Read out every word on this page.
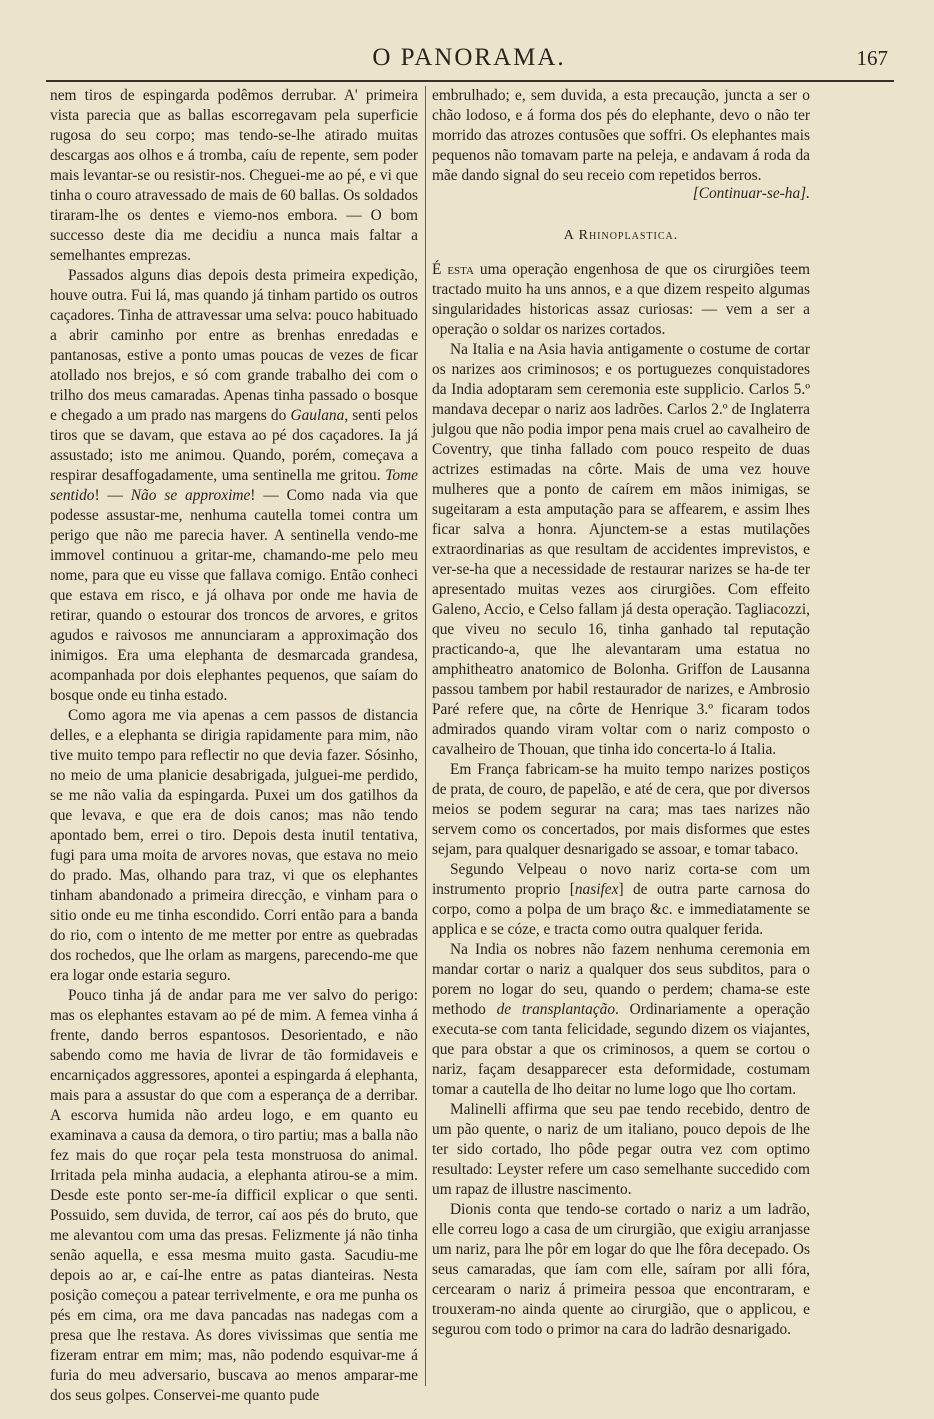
O PANORAMA.	167

nem tiros de espingarda podêmos derrubar. A' primeira vista parecia que as ballas escorregavam pela superficie rugosa do seu corpo; mas tendo-se-lhe atirado muitas descargas aos olhos e á tromba, caíu de repente, sem poder mais levantar-se ou resistir-nos. Cheguei-me ao pé, e vi que tinha o couro atravessado de mais de 60 ballas. Os soldados tiraram-lhe os dentes e viemo-nos embora. — O bom successo deste dia me decidiu a nunca mais faltar a semelhantes emprezas.

Passados alguns dias depois desta primeira expedição, houve outra. Fui lá, mas quando já tinham partido os outros caçadores. Tinha de attravessar uma selva: pouco habituado a abrir caminho por entre as brenhas enredadas e pantanosas, estive a ponto umas poucas de vezes de ficar atollado nos brejos, e só com grande trabalho dei com o trilho dos meus camaradas. Apenas tinha passado o bosque e chegado a um prado nas margens do Gaulana, senti pelos tiros que se davam, que estava ao pé dos caçadores. Ia já assustado; isto me animou. Quando, porém, começava a respirar desaffogadamente, uma sentinella me gritou. Tome sentido! — Não se approxime! — Como nada via que podesse assustar-me, nenhuma cautella tomei contra um perigo que não me parecia haver. A sentinella vendo-me immovel continuou a gritar-me, chamando-me pelo meu nome, para que eu visse que fallava comigo. Então conheci que estava em risco, e já olhava por onde me havia de retirar, quando o estourar dos troncos de arvores, e gritos agudos e raivosos me annunciaram a approximação dos inimigos. Era uma elephanta de desmarcada grandesa, acompanhada por dois elephantes pequenos, que saíam do bosque onde eu tinha estado.

Como agora me via apenas a cem passos de distancia delles, e a elephanta se dirigia rapidamente para mim, não tive muito tempo para reflectir no que devia fazer. Sósinho, no meio de uma planicie desabrigada, julguei-me perdido, se me não valia da espingarda. Puxei um dos gatilhos da que levava, e que era de dois canos; mas não tendo apontado bem, errei o tiro. Depois desta inutil tentativa, fugi para uma moita de arvores novas, que estava no meio do prado. Mas, olhando para traz, vi que os elephantes tinham abandonado a primeira direcção, e vinham para o sitio onde eu me tinha escondido. Corri então para a banda do rio, com o intento de me metter por entre as quebradas dos rochedos, que lhe orlam as margens, parecendo-me que era logar onde estaria seguro.

Pouco tinha já de andar para me ver salvo do perigo: mas os elephantes estavam ao pé de mim. A femea vinha á frente, dando berros espantosos. Desorientado, e não sabendo como me havia de livrar de tão formidaveis e encarniçados aggressores, apontei a espingarda á elephanta, mais para a assustar do que com a esperança de a derribar. A escorva humida não ardeu logo, e em quanto eu examinava a causa da demora, o tiro partiu; mas a balla não fez mais do que roçar pela testa monstruosa do animal. Irritada pela minha audacia, a elephanta atirou-se a mim. Desde este ponto ser-me-ía difficil explicar o que senti. Possuido, sem duvida, de terror, caí aos pés do bruto, que me alevantou com uma das presas. Felizmente já não tinha senão aquella, e essa mesma muito gasta. Sacudiu-me depois ao ar, e caí-lhe entre as patas dianteiras. Nesta posição começou a patear terrivelmente, e ora me punha os pés em cima, ora me dava pancadas nas nadegas com a presa que lhe restava. As dores vivissimas que sentia me fizeram entrar em mim; mas, não podendo esquivar-me á furia do meu adversario, buscava ao menos amparar-me dos seus golpes. Conservei-me quanto pude

embrulhado; e, sem duvida, a esta precaução, juncta a ser o chão lodoso, e á forma dos pés do elephante, devo o não ter morrido das atrozes contusões que soffri. Os elephantes mais pequenos não tomavam parte na peleja, e andavam á roda da mãe dando signal do seu receio com repetidos berros.

[Continuar-se-ha].
A Rhinoplastica.

É esta uma operação engenhosa de que os cirurgiões teem tractado muito ha uns annos, e a que dizem respeito algumas singularidades historicas assaz curiosas: — vem a ser a operação o soldar os narizes cortados.

Na Italia e na Asia havia antigamente o costume de cortar os narizes aos criminosos; e os portuguezes conquistadores da India adoptaram sem ceremonia este supplicio. Carlos 5.º mandava decepar o nariz aos ladrões. Carlos 2.º de Inglaterra julgou que não podia impor pena mais cruel ao cavalheiro de Coventry, que tinha fallado com pouco respeito de duas actrizes estimadas na côrte. Mais de uma vez houve mulheres que a ponto de caírem em mãos inimigas, se sugeitaram a esta amputação para se affearem, e assim lhes ficar salva a honra. Ajunctem-se a estas mutilações extraordinarias as que resultam de accidentes imprevistos, e ver-se-ha que a necessidade de restaurar narizes se ha-de ter apresentado muitas vezes aos cirurgiões. Com effeito Galeno, Accio, e Celso fallam já desta operação. Tagliacozzi, que viveu no seculo 16, tinha ganhado tal reputação practicando-a, que lhe alevantaram uma estatua no amphitheatro anatomico de Bolonha. Griffon de Lausanna passou tambem por habil restaurador de narizes, e Ambrosio Paré refere que, na côrte de Henrique 3.º ficaram todos admirados quando viram voltar com o nariz composto o cavalheiro de Thouan, que tinha ido concerta-lo á Italia.

Em França fabricam-se ha muito tempo narizes postiços de prata, de couro, de papelão, e até de cera, que por diversos meios se podem segurar na cara; mas taes narizes não servem como os concertados, por mais disformes que estes sejam, para qualquer desnarigado se assoar, e tomar tabaco.

Segundo Velpeau o novo nariz corta-se com um instrumento proprio [nasifex] de outra parte carnosa do corpo, como a polpa de um braço &c. e immediatamente se applica e se cóze, e tracta como outra qualquer ferida.

Na India os nobres não fazem nenhuma ceremonia em mandar cortar o nariz a qualquer dos seus subditos, para o porem no logar do seu, quando o perdem; chama-se este methodo de transplantação. Ordinariamente a operação executa-se com tanta felicidade, segundo dizem os viajantes, que para obstar a que os criminosos, a quem se cortou o nariz, façam desapparecer esta deformidade, costumam tomar a cautella de lho deitar no lume logo que lho cortam.

Malinelli affirma que seu pae tendo recebido, dentro de um pão quente, o nariz de um italiano, pouco depois de lhe ter sido cortado, lho pôde pegar outra vez com optimo resultado: Leyster refere um caso semelhante succedido com um rapaz de illustre nascimento.

Dionis conta que tendo-se cortado o nariz a um ladrão, elle correu logo a casa de um cirurgião, que exigiu arranjasse um nariz, para lhe pôr em logar do que lhe fôra decepado. Os seus camaradas, que íam com elle, saíram por alli fóra, cercearam o nariz á primeira pessoa que encontraram, e trouxeram-no ainda quente ao cirurgião, que o applicou, e segurou com todo o primor na cara do ladrão desnarigado.
